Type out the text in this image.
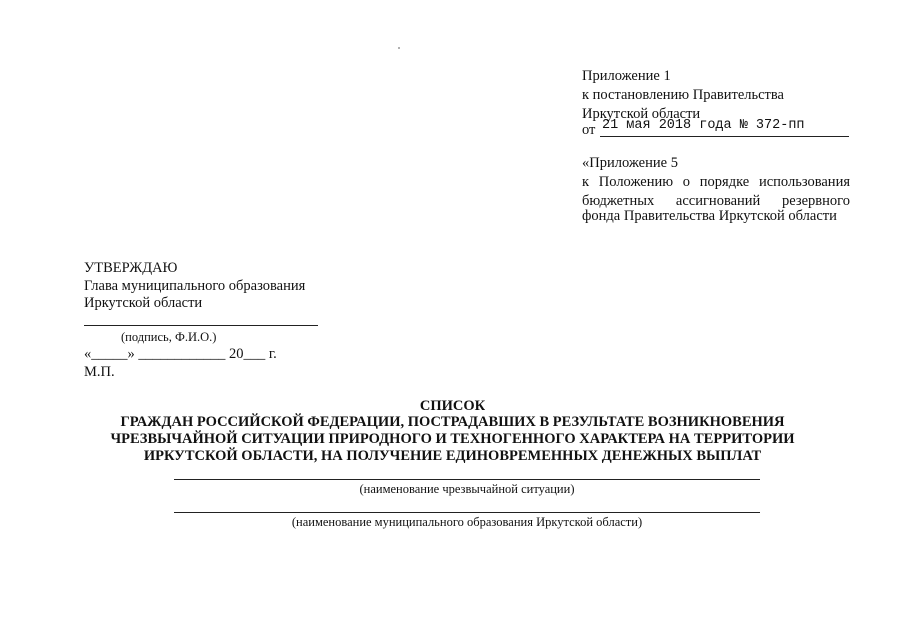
Приложение 1
к постановлению Правительства
Иркутской области
от 21 мая 2018 года № 372-пп
«Приложение 5
к Положению о порядке использования
бюджетных ассигнований резервного
фонда Правительства Иркутской области
УТВЕРЖДАЮ
Глава муниципального образования
Иркутской области
(подпись, Ф.И.О.)
«_____» ____________ 20___ г.
М.П.
СПИСОК
ГРАЖДАН РОССИЙСКОЙ ФЕДЕРАЦИИ, ПОСТРАДАВШИХ В РЕЗУЛЬТАТЕ ВОЗНИКНОВЕНИЯ
ЧРЕЗВЫЧАЙНОЙ СИТУАЦИИ ПРИРОДНОГО И ТЕХНОГЕННОГО ХАРАКТЕРА НА ТЕРРИТОРИИ
ИРКУТСКОЙ ОБЛАСТИ, НА ПОЛУЧЕНИЕ ЕДИНОВРЕМЕННЫХ ДЕНЕЖНЫХ ВЫПЛАТ
(наименование чрезвычайной ситуации)
(наименование муниципального образования Иркутской области)
